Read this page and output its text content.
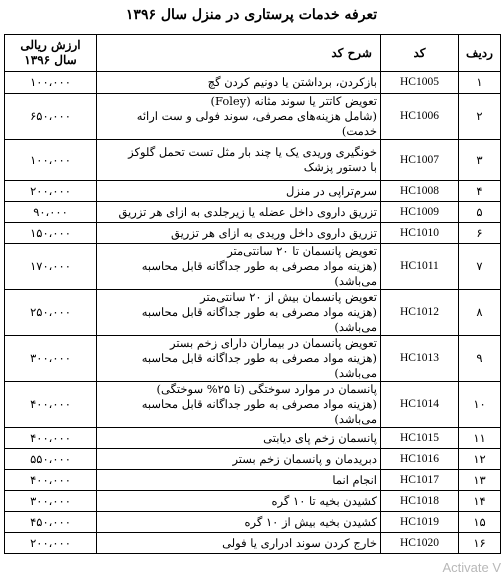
تعرفه خدمات پرستاری در منزل سال ۱۳۹۶
ردیف	کد	شرح کد	ارزش ریالی سال ۱۳۹۶
۱	HC1005	بازکردن، برداشتن یا دونیم کردن گچ	۱۰۰،۰۰۰
۲	HC1006	تعویض کاتتر یا سوند مثانه (Foley)
(شامل هزینه‌های مصرفی، سوند فولی و ست ارائه خدمت)	۶۵۰،۰۰۰
۳	HC1007	خونگیری وریدی یک یا چند بار مثل تست تحمل گلوکز
با دستور پزشک	۱۰۰،۰۰۰
۴	HC1008	سرم‌تراپی در منزل	۲۰۰،۰۰۰
۵	HC1009	تزریق داروی داخل عضله یا زیرجلدی به ازای هر تزریق	۹۰،۰۰۰
۶	HC1010	تزریق داروی داخل وریدی به ازای هر تزریق	۱۵۰،۰۰۰
۷	HC1011	تعویض پانسمان تا ۲۰ سانتی‌متر
(هزینه مواد مصرفی به طور جداگانه قابل محاسبه می‌باشد)	۱۷۰،۰۰۰
۸	HC1012	تعویض پانسمان بیش از ۲۰ سانتی‌متر
(هزینه مواد مصرفی به طور جداگانه قابل محاسبه می‌باشد)	۲۵۰،۰۰۰
۹	HC1013	تعویض پانسمان در بیماران دارای زخم بستر
(هزینه مواد مصرفی به طور جداگانه قابل محاسبه می‌باشد)	۳۰۰،۰۰۰
۱۰	HC1014	پانسمان در موارد سوختگی (تا ۲۵% سوختگی)
(هزینه مواد مصرفی به طور جداگانه قابل محاسبه می‌باشد)	۴۰۰،۰۰۰
۱۱	HC1015	پانسمان زخم پای دیابتی	۴۰۰،۰۰۰
۱۲	HC1016	دبریدمان و پانسمان زخم بستر	۵۵۰،۰۰۰
۱۳	HC1017	انجام انما	۴۰۰،۰۰۰
۱۴	HC1018	کشیدن بخیه تا ۱۰ گره	۳۰۰،۰۰۰
۱۵	HC1019	کشیدن بخیه بیش از ۱۰ گره	۴۵۰،۰۰۰
۱۶	HC1020	خارج کردن سوند ادراری یا فولی	۲۰۰،۰۰۰
Activate V
